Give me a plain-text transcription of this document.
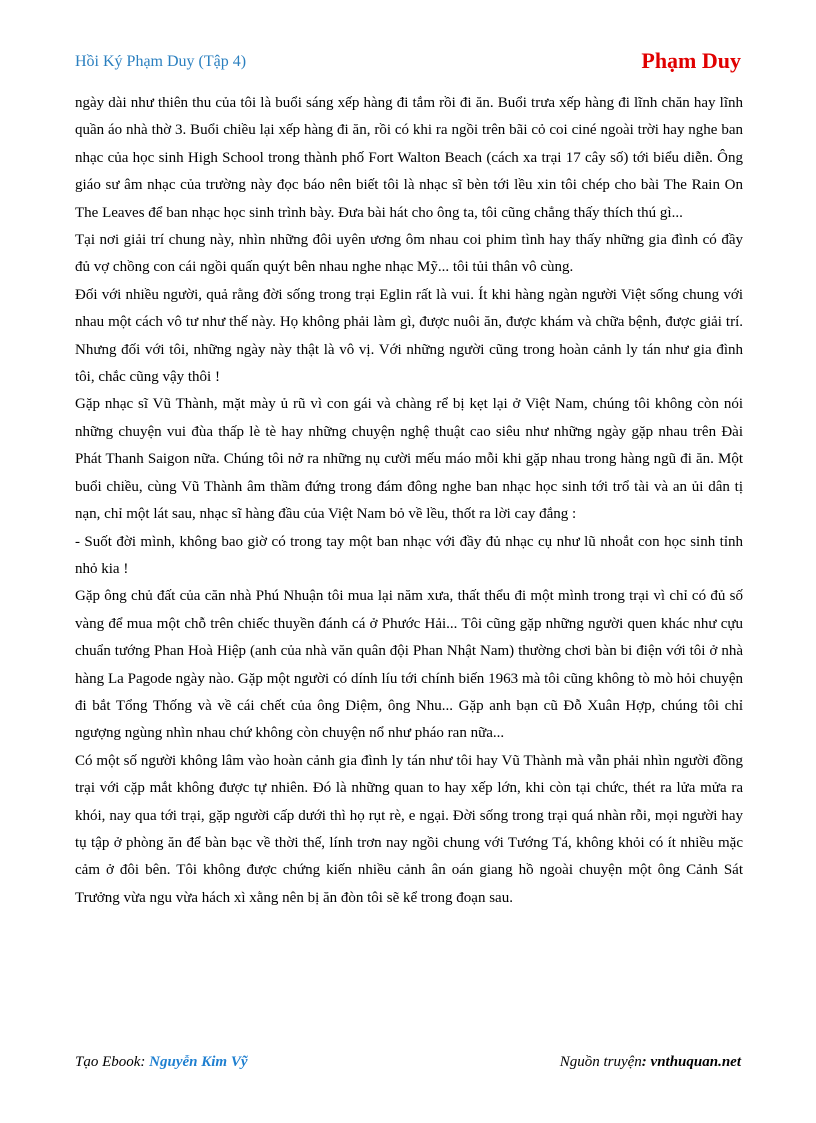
Hồi Ký Phạm Duy (Tập 4)	Phạm Duy

ngày dài như thiên thu của tôi là buổi sáng xếp hàng đi tắm rồi đi ăn. Buổi trưa xếp hàng đi lĩnh chăn hay lĩnh quần áo nhà thờ 3. Buổi chiều lại xếp hàng đi ăn, rồi có khi ra ngồi trên bãi cỏ coi ciné ngoài trời hay nghe ban nhạc của học sinh High School trong thành phố Fort Walton Beach (cách xa trại 17 cây số) tới biểu diễn. Ông giáo sư âm nhạc của trường này đọc báo nên biết tôi là nhạc sĩ bèn tới lều xin tôi chép cho bài The Rain On The Leaves để ban nhạc học sinh trình bày. Đưa bài hát cho ông ta, tôi cũng chẳng thấy thích thú gì...

Tại nơi giải trí chung này, nhìn những đôi uyên ương ôm nhau coi phim tình hay thấy những gia đình có đầy đủ vợ chồng con cái ngồi quấn quýt bên nhau nghe nhạc Mỹ... tôi tủi thân vô cùng.

Đối với nhiều người, quả rằng đời sống trong trại Eglin rất là vui. Ít khi hàng ngàn người Việt sống chung với nhau một cách vô tư như thế này. Họ không phải làm gì, được nuôi ăn, được khám và chữa bệnh, được giải trí. Nhưng đối với tôi, những ngày này thật là vô vị. Với những người cũng trong hoàn cảnh ly tán như gia đình tôi, chắc cũng vậy thôi !

Gặp nhạc sĩ Vũ Thành, mặt mày ủ rũ vì con gái và chàng rể bị kẹt lại ở Việt Nam, chúng tôi không còn nói những chuyện vui đùa thấp lè tè hay những chuyện nghệ thuật cao siêu như những ngày gặp nhau trên Đài Phát Thanh Saigon nữa. Chúng tôi nở ra những nụ cười mếu máo mỗi khi gặp nhau trong hàng ngũ đi ăn. Một buổi chiều, cùng Vũ Thành âm thầm đứng trong đám đông nghe ban nhạc học sinh tới trổ tài và an ủi dân tị nạn, chỉ một lát sau, nhạc sĩ hàng đầu của Việt Nam bỏ về lều, thốt ra lời cay đắng :

- Suốt đời mình, không bao giờ có trong tay một ban nhạc với đầy đủ nhạc cụ như lũ nhoắt con học sinh tỉnh nhỏ kia !

Gặp ông chủ đất của căn nhà Phú Nhuận tôi mua lại năm xưa, thất thểu đi một mình trong trại vì chỉ có đủ số vàng để mua một chỗ trên chiếc thuyền đánh cá ở Phước Hải... Tôi cũng gặp những người quen khác như cựu chuẩn tướng Phan Hoà Hiệp (anh của nhà văn quân đội Phan Nhật Nam) thường chơi bàn bi điện với tôi ở nhà hàng La Pagode ngày nào. Gặp một người có dính líu tới chính biến 1963 mà tôi cũng không tò mò hỏi chuyện đi bắt Tổng Thống và về cái chết của ông Diệm, ông Nhu... Gặp anh bạn cũ Đỗ Xuân Hợp, chúng tôi chỉ ngượng ngùng nhìn nhau chứ không còn chuyện nổ như pháo ran nữa...

Có một số người không lâm vào hoàn cảnh gia đình ly tán như tôi hay Vũ Thành mà vẫn phải nhìn người đồng trại với cặp mắt không được tự nhiên. Đó là những quan to hay xếp lớn, khi còn tại chức, thét ra lửa mửa ra khói, nay qua tới trại, gặp người cấp dưới thì họ rụt rè, e ngại. Đời sống trong trại quá nhàn rỗi, mọi người hay tụ tập ở phòng ăn để bàn bạc về thời thế, lính trơn nay ngồi chung với Tướng Tá, không khỏi có ít nhiều mặc cảm ở đôi bên. Tôi không được chứng kiến nhiều cảnh ân oán giang hồ ngoài chuyện một ông Cảnh Sát Trưởng vừa ngu vừa hách xì xằng nên bị ăn đòn tôi sẽ kể trong đoạn sau.

Tạo Ebook: Nguyễn Kim Vỹ	Nguồn truyện: vnthuquan.net
